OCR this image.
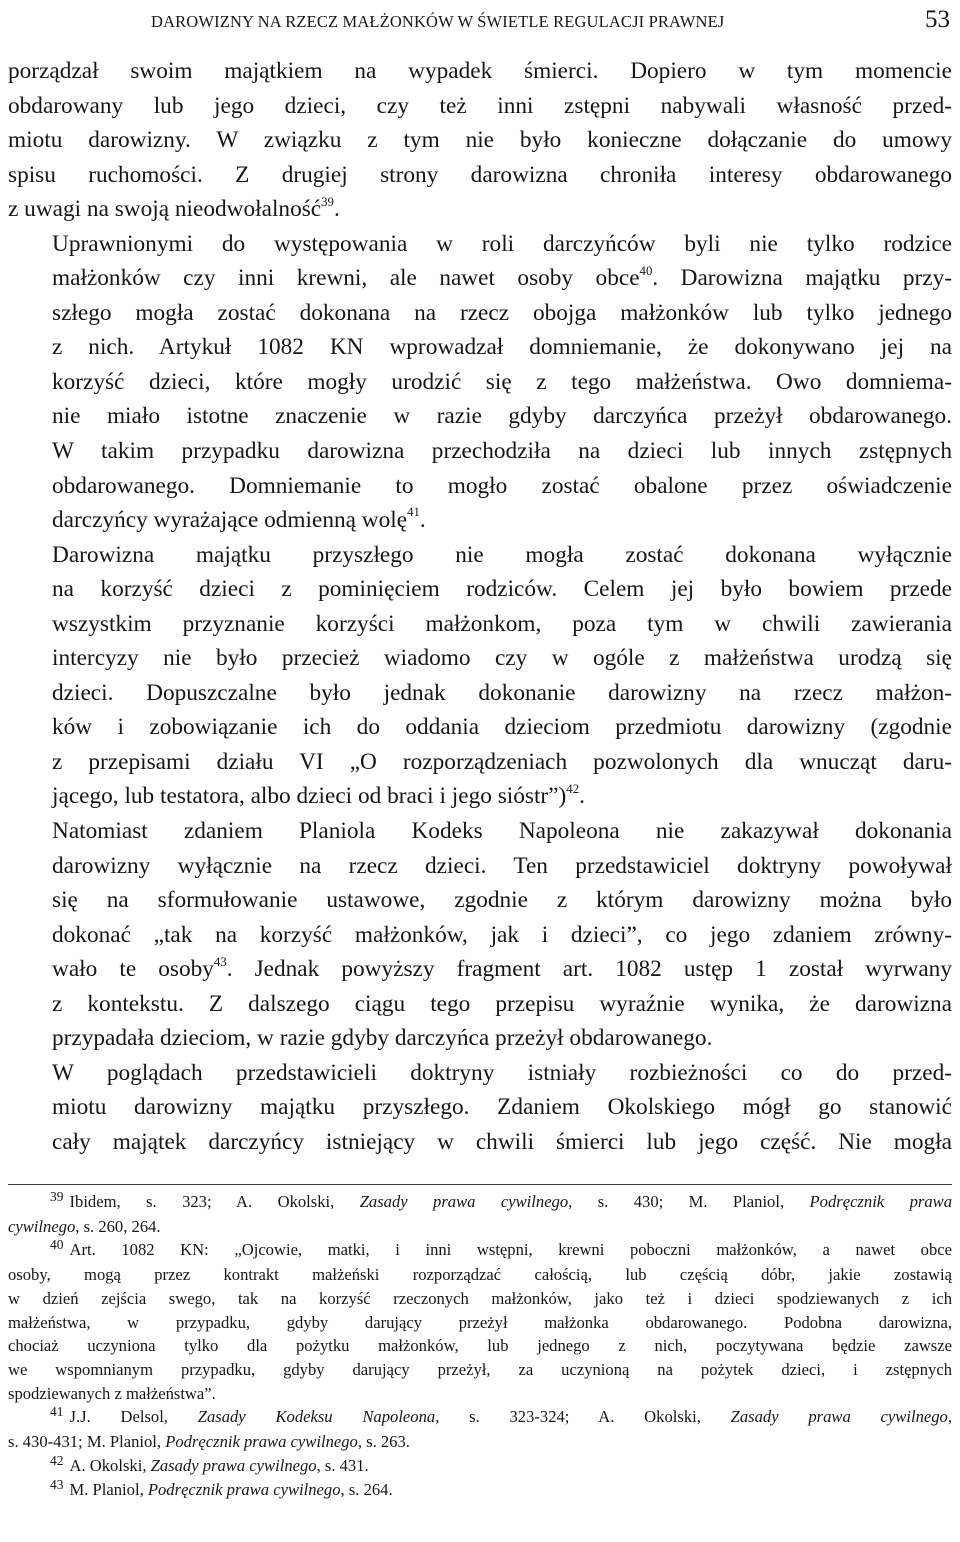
DAROWIZNY NA RZECZ MAŁŻONKÓW W ŚWIETLE REGULACJI PRAWNEJ	53

porządzał swoim majątkiem na wypadek śmierci. Dopiero w tym momencie
obdarowany lub jego dzieci, czy też inni zstępni nabywali własność przed-
miotu darowizny. W związku z tym nie było konieczne dołączanie do umowy
spisu ruchomości. Z drugiej strony darowizna chroniła interesy obdarowanego
z uwagi na swoją nieodwołalność$^{39}$.

Uprawnionymi do występowania w roli darczyńców byli nie tylko rodzice
małżonków czy inni krewni, ale nawet osoby obce$^{40}$. Darowizna majątku przy-
szłego mogła zostać dokonana na rzecz obojga małżonków lub tylko jednego
z nich. Artykuł 1082 KN wprowadzał domniemanie, że dokonywano jej na
korzyść dzieci, które mogły urodzić się z tego małżeństwa. Owo domniema-
nie miało istotne znaczenie w razie gdyby darczyńca przeżył obdarowanego.
W takim przypadku darowizna przechodziła na dzieci lub innych zstępnych
obdarowanego. Domniemanie to mogło zostać obalone przez oświadczenie
darczyńcy wyrażające odmienną wolę$^{41}$.

Darowizna majątku przyszłego nie mogła zostać dokonana wyłącznie
na korzyść dzieci z pominięciem rodziców. Celem jej było bowiem przede
wszystkim przyznanie korzyści małżonkom, poza tym w chwili zawierania
intercyzy nie było przecież wiadomo czy w ogóle z małżeństwa urodzą się
dzieci. Dopuszczalne było jednak dokonanie darowizny na rzecz małżon-
ków i zobowiązanie ich do oddania dzieciom przedmiotu darowizny (zgodnie
z przepisami działu VI „O rozporządzeniach pozwolonych dla wnucząt daru-
jącego, lub testatora, albo dzieci od braci i jego sióstr”)$^{42}$.

Natomiast zdaniem Planiola Kodeks Napoleona nie zakazywał dokonania
darowizny wyłącznie na rzecz dzieci. Ten przedstawiciel doktryny powoływał
się na sformułowanie ustawowe, zgodnie z którym darowizny można było
dokonać „tak na korzyść małżonków, jak i dzieci”, co jego zdaniem zrówny-
wało te osoby$^{43}$. Jednak powyższy fragment art. 1082 ustęp 1 został wyrwany
z kontekstu. Z dalszego ciągu tego przepisu wyraźnie wynika, że darowizna
przypadała dzieciom, w razie gdyby darczyńca przeżył obdarowanego.

W poglądach przedstawicieli doktryny istniały rozbieżności co do przed-
miotu darowizny majątku przyszłego. Zdaniem Okolskiego mógł go stanowić
cały majątek darczyńcy istniejący w chwili śmierci lub jego część. Nie mogła

39 Ibidem, s. 323; A. Okolski, Zasady prawa cywilnego, s. 430; M. Planiol, Podręcznik prawa
cywilnego, s. 260, 264.
40 Art. 1082 KN: „Ojcowie, matki, i inni wstępni, krewni poboczni małżonków, a nawet obce
osoby, mogą przez kontrakt małżeński rozporządzać całością, lub częścią dóbr, jakie zostawią
w dzień zejścia swego, tak na korzyść rzeczonych małżonków, jako też i dzieci spodziewanych z ich
małżeństwa, w przypadku, gdyby darujący przeżył małżonka obdarowanego. Podobna darowizna,
chociaż uczyniona tylko dla pożytku małżonków, lub jednego z nich, poczytywana będzie zawsze
we wspomnianym przypadku, gdyby darujący przeżył, za uczynioną na pożytek dzieci, i zstępnych
spodziewanych z małżeństwa”.
41 J.J. Delsol, Zasady Kodeksu Napoleona, s. 323-324; A. Okolski, Zasady prawa cywilnego,
s. 430-431; M. Planiol, Podręcznik prawa cywilnego, s. 263.
42 A. Okolski, Zasady prawa cywilnego, s. 431.
43 M. Planiol, Podręcznik prawa cywilnego, s. 264.
